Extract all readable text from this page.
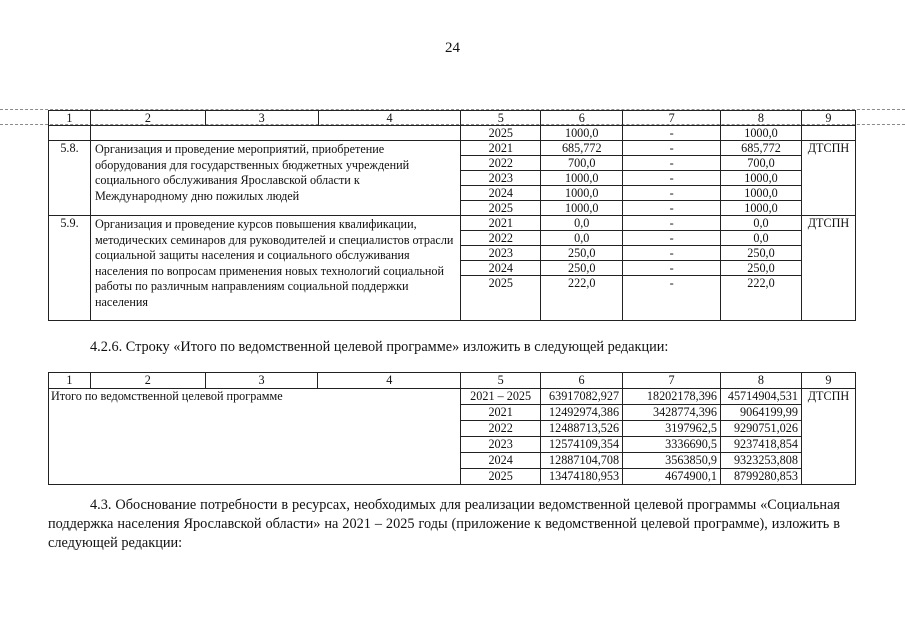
24
1	2	3	4	5	6	7	8	9
				2025	1000,0	-	1000,0	
5.8.	Организация и проведение мероприятий, приобретение оборудования для государственных бюджетных учреждений социального обслуживания Ярославской области к Международному дню пожилых людей			2021	685,772	-	685,772	ДТСПН
				2022	700,0	-	700,0	
				2023	1000,0	-	1000,0	
				2024	1000,0	-	1000,0	
				2025	1000,0	-	1000,0	
5.9.	Организация и проведение курсов повышения квалификации, методических семинаров для руководителей и специалистов отрасли социальной защиты населения и социального обслуживания населения по вопросам применения новых технологий социальной работы по различным направлениям социальной поддержки населения			2021	0,0	-	0,0	ДТСПН
				2022	0,0	-	0,0	
				2023	250,0	-	250,0	
				2024	250,0	-	250,0	
				2025	222,0	-	222,0	
4.2.6. Строку «Итого по ведомственной целевой программе» изложить в следующей редакции:
1	2	3	4	5	6	7	8	9
Итого по ведомственной целевой программе				2021 – 2025	63917082,927	18202178,396	45714904,531	ДТСПН
				2021	12492974,386	3428774,396	9064199,99	
				2022	12488713,526	3197962,5	9290751,026	
				2023	12574109,354	3336690,5	9237418,854	
				2024	12887104,708	3563850,9	9323253,808	
				2025	13474180,953	4674900,1	8799280,853	
4.3. Обоснование потребности в ресурсах, необходимых для реализации ведомственной целевой программы «Социальная поддержка населения Ярославской области» на 2021 – 2025 годы (приложение к ведомственной целевой программе), изложить в следующей редакции:
